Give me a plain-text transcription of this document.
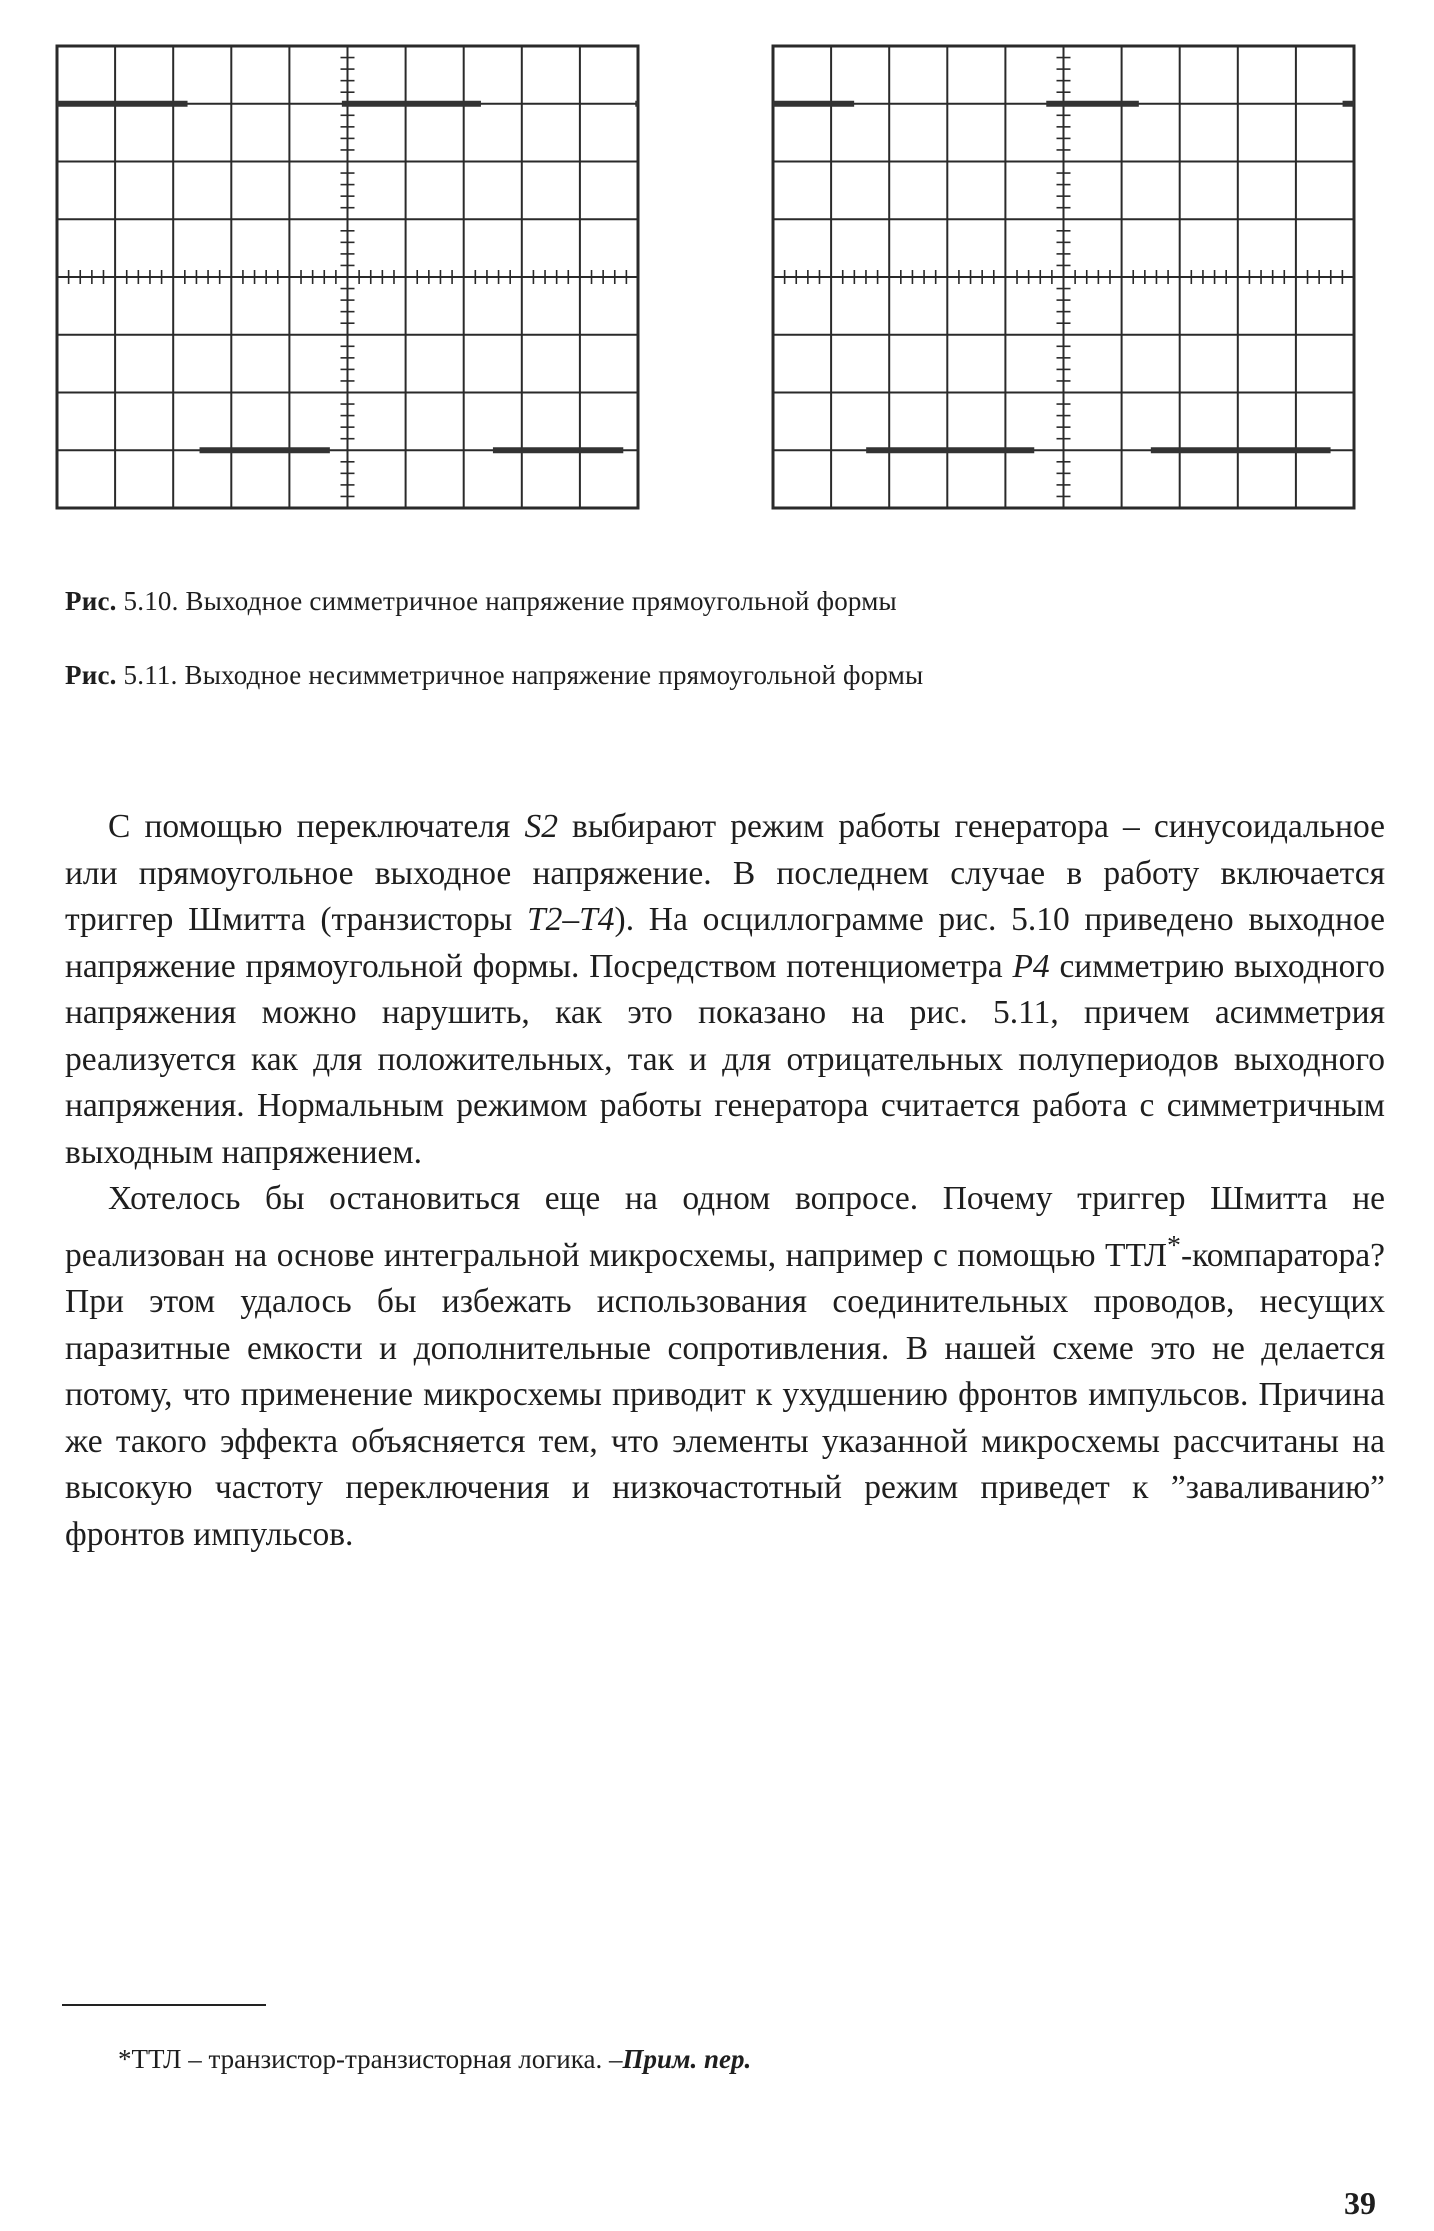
Рис. 5.10. Выходное симметричное напряжение прямоугольной формы
Рис. 5.11. Выходное несимметричное напряжение прямоугольной формы

С помощью переключателя S2 выбирают режим работы генератора – синусоидальное или прямоугольное выходное напряжение. В последнем случае в работу включается триггер Шмитта (транзисторы Т2–Т4). На осциллограмме рис. 5.10 приведено выходное напряжение прямоугольной формы. Посредством потенциометра Р4 симметрию выходного напряжения можно нарушить, как это показано на рис. 5.11, причем асимметрия реализуется как для положительных, так и для отрицательных полупериодов выходного напряжения. Нормальным режимом работы генератора считается работа с симметричным выходным напряжением.

Хотелось бы остановиться еще на одном вопросе. Почему триггер Шмитта не реализован на основе интегральной микросхемы, например с помощью ТТЛ*-компаратора? При этом удалось бы избежать использования соединительных проводов, несущих паразитные емкости и дополнительные сопротивления. В нашей схеме это не делается потому, что применение микросхемы приводит к ухудшению фронтов импульсов. Причина же такого эффекта объясняется тем, что элементы указанной микросхемы рассчитаны на высокую частоту переключения и низкочастотный режим приведет к ”заваливанию” фронтов импульсов.

*ТТЛ – транзистор-транзисторная логика. –Прим. пер.
39
